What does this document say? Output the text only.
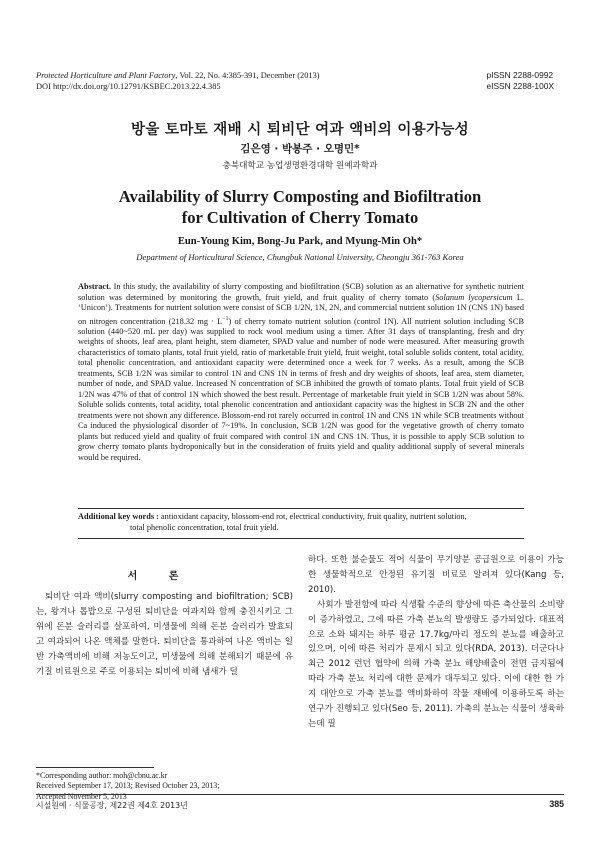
Protected Horticulture and Plant Factory, Vol. 22, No. 4:385-391, December (2013)
DOI http://dx.doi.org/10.12791/KSBEC.2013.22.4.385
pISSN 2288-0992
eISSN 2288-100X
방울 토마토 재배 시 퇴비단 여과 액비의 이용가능성
김은영 · 박봉주 · 오명민*
충북대학교 농업생명환경대학 원예과학과
Availability of Slurry Composting and Biofiltration
for Cultivation of Cherry Tomato
Eun-Young Kim, Bong-Ju Park, and Myung-Min Oh*
Department of Horticultural Science, Chungbuk National University, Cheongju 361-763 Korea
Abstract. In this study, the availability of slurry composting and biofiltration (SCB) solution as an alternative for synthetic nutrient solution was determined by monitoring the growth, fruit yield, and fruit quality of cherry tomato (Solanum lycopersicum L. ‘Unicon’). Treatments for nutrient solution were consist of SCB 1/2N, 1N, 2N, and commercial nutrient solution 1N (CNS 1N) based on nitrogen concentration (218.32 mg · $L^{-1}$) of cherry tomato nutrient solution (control 1N). All nutrient solution including SCB solution (440~520 mL per day) was supplied to rock wool medium using a timer. After 31 days of transplanting, fresh and dry weights of shoots, leaf area, plant height, stem diameter, SPAD value and number of node were measured. After measuring growth characteristics of tomato plants, total fruit yield, ratio of marketable fruit yield, fruit weight, total soluble solids content, total acidity, total phenolic concentration, and antioxidant capacity were determined once a week for 7 weeks. As a result, among the SCB treatments, SCB 1/2N was similar to control 1N and CNS 1N in terms of fresh and dry weights of shoots, leaf area, stem diameter, number of node, and SPAD value. Increased N concentration of SCB inhibited the growth of tomato plants. Total fruit yield of SCB 1/2N was 47% of that of control 1N which showed the best result. Percentage of marketable fruit yield in SCB 1/2N was about 58%. Soluble solids contents, total acidity, total phenolic concentration and antioxidant capacity was the highest in SCB 2N and the other treatments were not shown any difference. Blossom-end rot rarely occurred in control 1N and CNS 1N while SCB treatments without Ca induced the physiological disorder of 7~19%. In conclusion, SCB 1/2N was good for the vegetative growth of cherry tomato plants but reduced yield and quality of fruit compared with control 1N and CNS 1N. Thus, it is possible to apply SCB solution to grow cherry tomato plants hydroponically but in the consideration of fruits yield and quality additional supply of several minerals would be required.
Additional key words : antioxidant capacity, blossom-end rot, electrical conductivity, fruit quality, nutrient solution,
total phenolic concentration, total fruit yield.
서 론

퇴비단 여과 액비(slurry composting and biofiltration; SCB)는, 왕겨나 톱밥으로 구성된 퇴비단을 여과지와 함께 충진시키고 그 위에 돈분 슬러리를 살포하여, 미생물에 의해 돈분 슬러리가 발효되고 여과되어 나온 액체를 말한다. 퇴비단을 통과하여 나온 액비는 일반 가축액비에 비해 저농도이고, 미생물에 의해 분해되기 때문에 유기질 비료원으로 주로 이용되는 퇴비에 비해 냄새가 덜

하다. 또한 불순물도 적어 식물이 무기양분 공급원으로 이용이 가능한 생물학적으로 안정된 유기질 비료로 알려져 있다(Kang 등, 2010).

사회가 발전함에 따라 식생활 수준의 향상에 따른 축산물의 소비량이 증가하였고, 그에 따른 가축 분뇨의 발생량도 증가되었다. 대표적으로 소와 돼지는 하루 평균 17.7kg/마리 정도의 분뇨를 배출하고 있으며, 이에 따른 처리가 문제시 되고 있다(RDA, 2013). 더군다나 최근 2012 런던 협약에 의해 가축 분뇨 해양배출이 전면 금지됨에 따라 가축 분뇨 처리에 대한 문제가 대두되고 있다. 이에 대한 한 가지 대안으로 가축 분뇨를 액비화하여 작물 재배에 이용하도록 하는 연구가 진행되고 있다(Seo 등, 2011). 가축의 분뇨는 식물이 생육하는데 필

*Corresponding author: moh@cbnu.ac.kr
Received September 17, 2013; Revised October 23, 2013;
Accepted November 5, 2013
시설원예 · 식물공장, 제22권 제4호 2013년	385
